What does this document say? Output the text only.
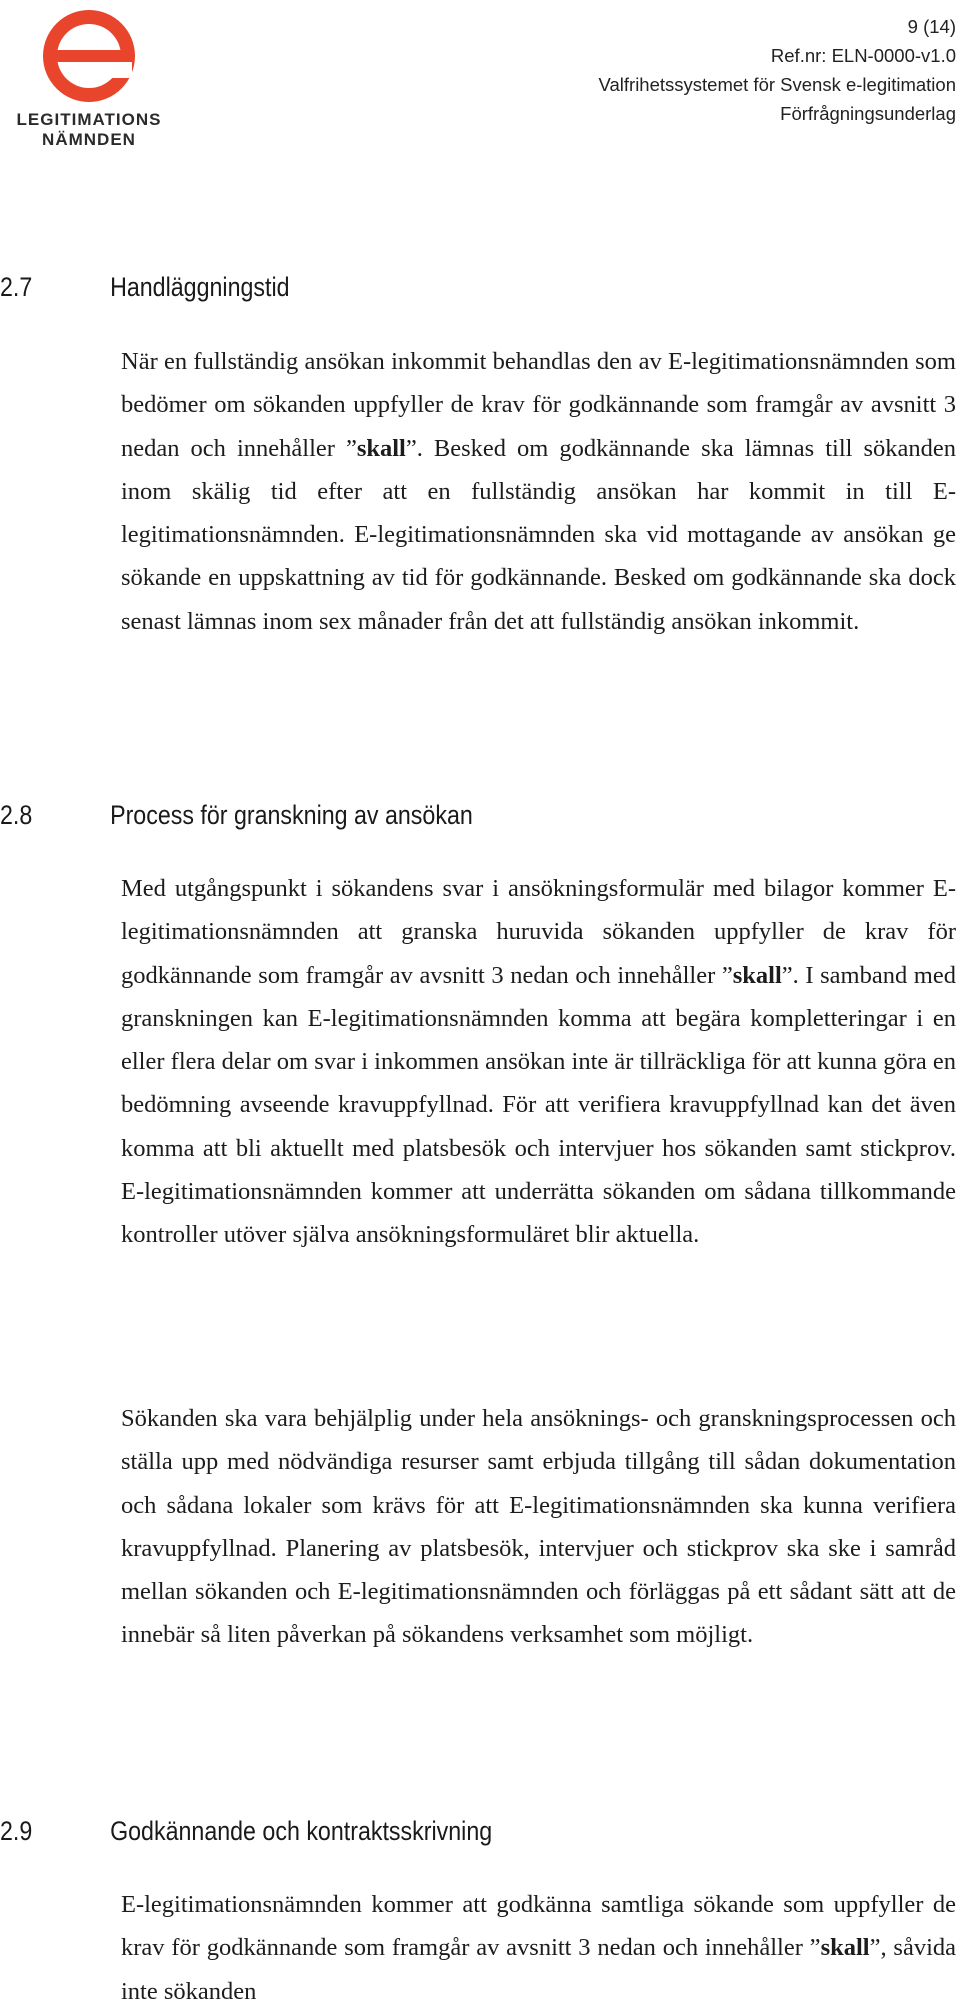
LEGITIMATIONS
NÄMNDEN
9 (14)
Ref.nr: ELN-0000-v1.0
Valfrihetssystemet för Svensk e-legitimation
Förfrågningsunderlag
2.7	Handläggningstid

När en fullständig ansökan inkommit behandlas den av E-legitimationsnämnden som bedömer om sökanden uppfyller de krav för godkännande som framgår av avsnitt 3 nedan och innehåller ”skall”. Besked om godkännande ska lämnas till sökanden inom skälig tid efter att en fullständig ansökan har kommit in till E-legitimationsnämnden. E-legitimationsnämnden ska vid mottagande av ansökan ge sökande en uppskattning av tid för godkännande. Besked om godkännande ska dock senast lämnas inom sex månader från det att fullständig ansökan inkommit.

2.8	Process för granskning av ansökan

Med utgångspunkt i sökandens svar i ansökningsformulär med bilagor kommer E-legitimationsnämnden att granska huruvida sökanden uppfyller de krav för godkännande som framgår av avsnitt 3 nedan och innehåller ”skall”. I samband med granskningen kan E-legitimationsnämnden komma att begära kompletteringar i en eller flera delar om svar i inkommen ansökan inte är tillräckliga för att kunna göra en bedömning avseende kravuppfyllnad. För att verifiera kravuppfyllnad kan det även komma att bli aktuellt med platsbesök och intervjuer hos sökanden samt stickprov. E-legitimationsnämnden kommer att underrätta sökanden om sådana tillkommande kontroller utöver själva ansökningsformuläret blir aktuella.

Sökanden ska vara behjälplig under hela ansöknings- och granskningsprocessen och ställa upp med nödvändiga resurser samt erbjuda tillgång till sådan dokumentation och sådana lokaler som krävs för att E-legitimationsnämnden ska kunna verifiera kravuppfyllnad. Planering av platsbesök, intervjuer och stickprov ska ske i samråd mellan sökanden och E-legitimationsnämnden och förläggas på ett sådant sätt att de innebär så liten påverkan på sökandens verksamhet som möjligt.

2.9	Godkännande och kontraktsskrivning

E-legitimationsnämnden kommer att godkänna samtliga sökande som uppfyller de krav för godkännande som framgår av avsnitt 3 nedan och innehåller ”skall”, såvida inte sökanden
